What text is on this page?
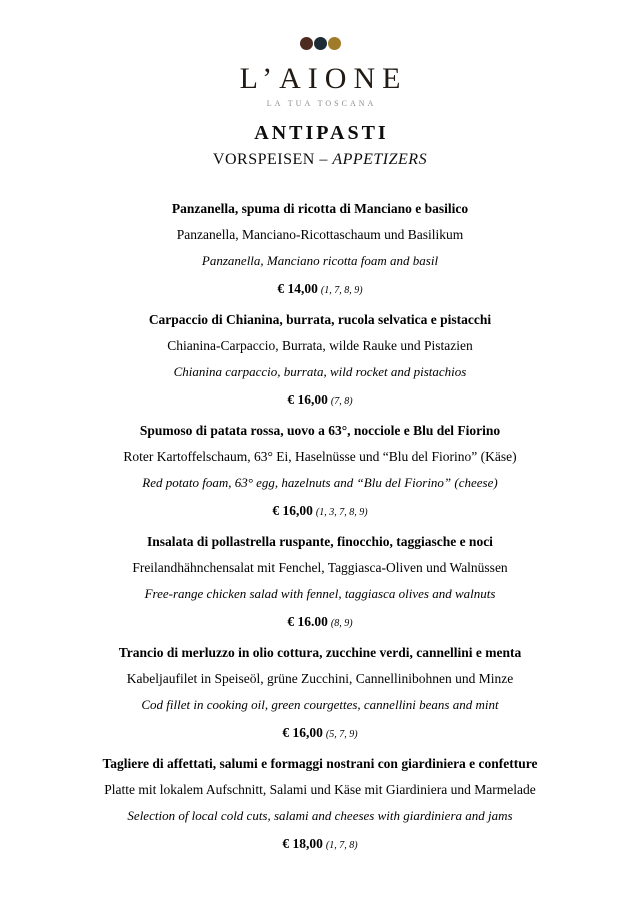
L’AIONE
LA TUA TOSCANA
ANTIPASTI
VORSPEISEN – APPETIZERS
Panzanella, spuma di ricotta di Manciano e basilico
Panzanella, Manciano-Ricottaschaum und Basilikum
Panzanella, Manciano ricotta foam and basil
€ 14,00 (1, 7, 8, 9)
Carpaccio di Chianina, burrata, rucola selvatica e pistacchi
Chianina-Carpaccio, Burrata, wilde Rauke und Pistazien
Chianina carpaccio, burrata, wild rocket and pistachios
€ 16,00 (7, 8)
Spumoso di patata rossa, uovo a 63°, nocciole e Blu del Fiorino
Roter Kartoffelschaum, 63° Ei, Haselnüsse und “Blu del Fiorino” (Käse)
Red potato foam, 63° egg, hazelnuts and “Blu del Fiorino” (cheese)
€ 16,00 (1, 3, 7, 8, 9)
Insalata di pollastrella ruspante, finocchio, taggiasche e noci
Freilandhähnchensalat mit Fenchel, Taggiasca-Oliven und Walnüssen
Free-range chicken salad with fennel, taggiasca olives and walnuts
€ 16.00 (8, 9)
Trancio di merluzzo in olio cottura, zucchine verdi, cannellini e menta
Kabeljaufilet in Speiseöl, grüne Zucchini, Cannellinibohnen und Minze
Cod fillet in cooking oil, green courgettes, cannellini beans and mint
€ 16,00 (5, 7, 9)
Tagliere di affettati, salumi e formaggi nostrani con giardiniera e confetture
Platte mit lokalem Aufschnitt, Salami und Käse mit Giardiniera und Marmelade
Selection of local cold cuts, salami and cheeses with giardiniera and jams
€ 18,00 (1, 7, 8)
